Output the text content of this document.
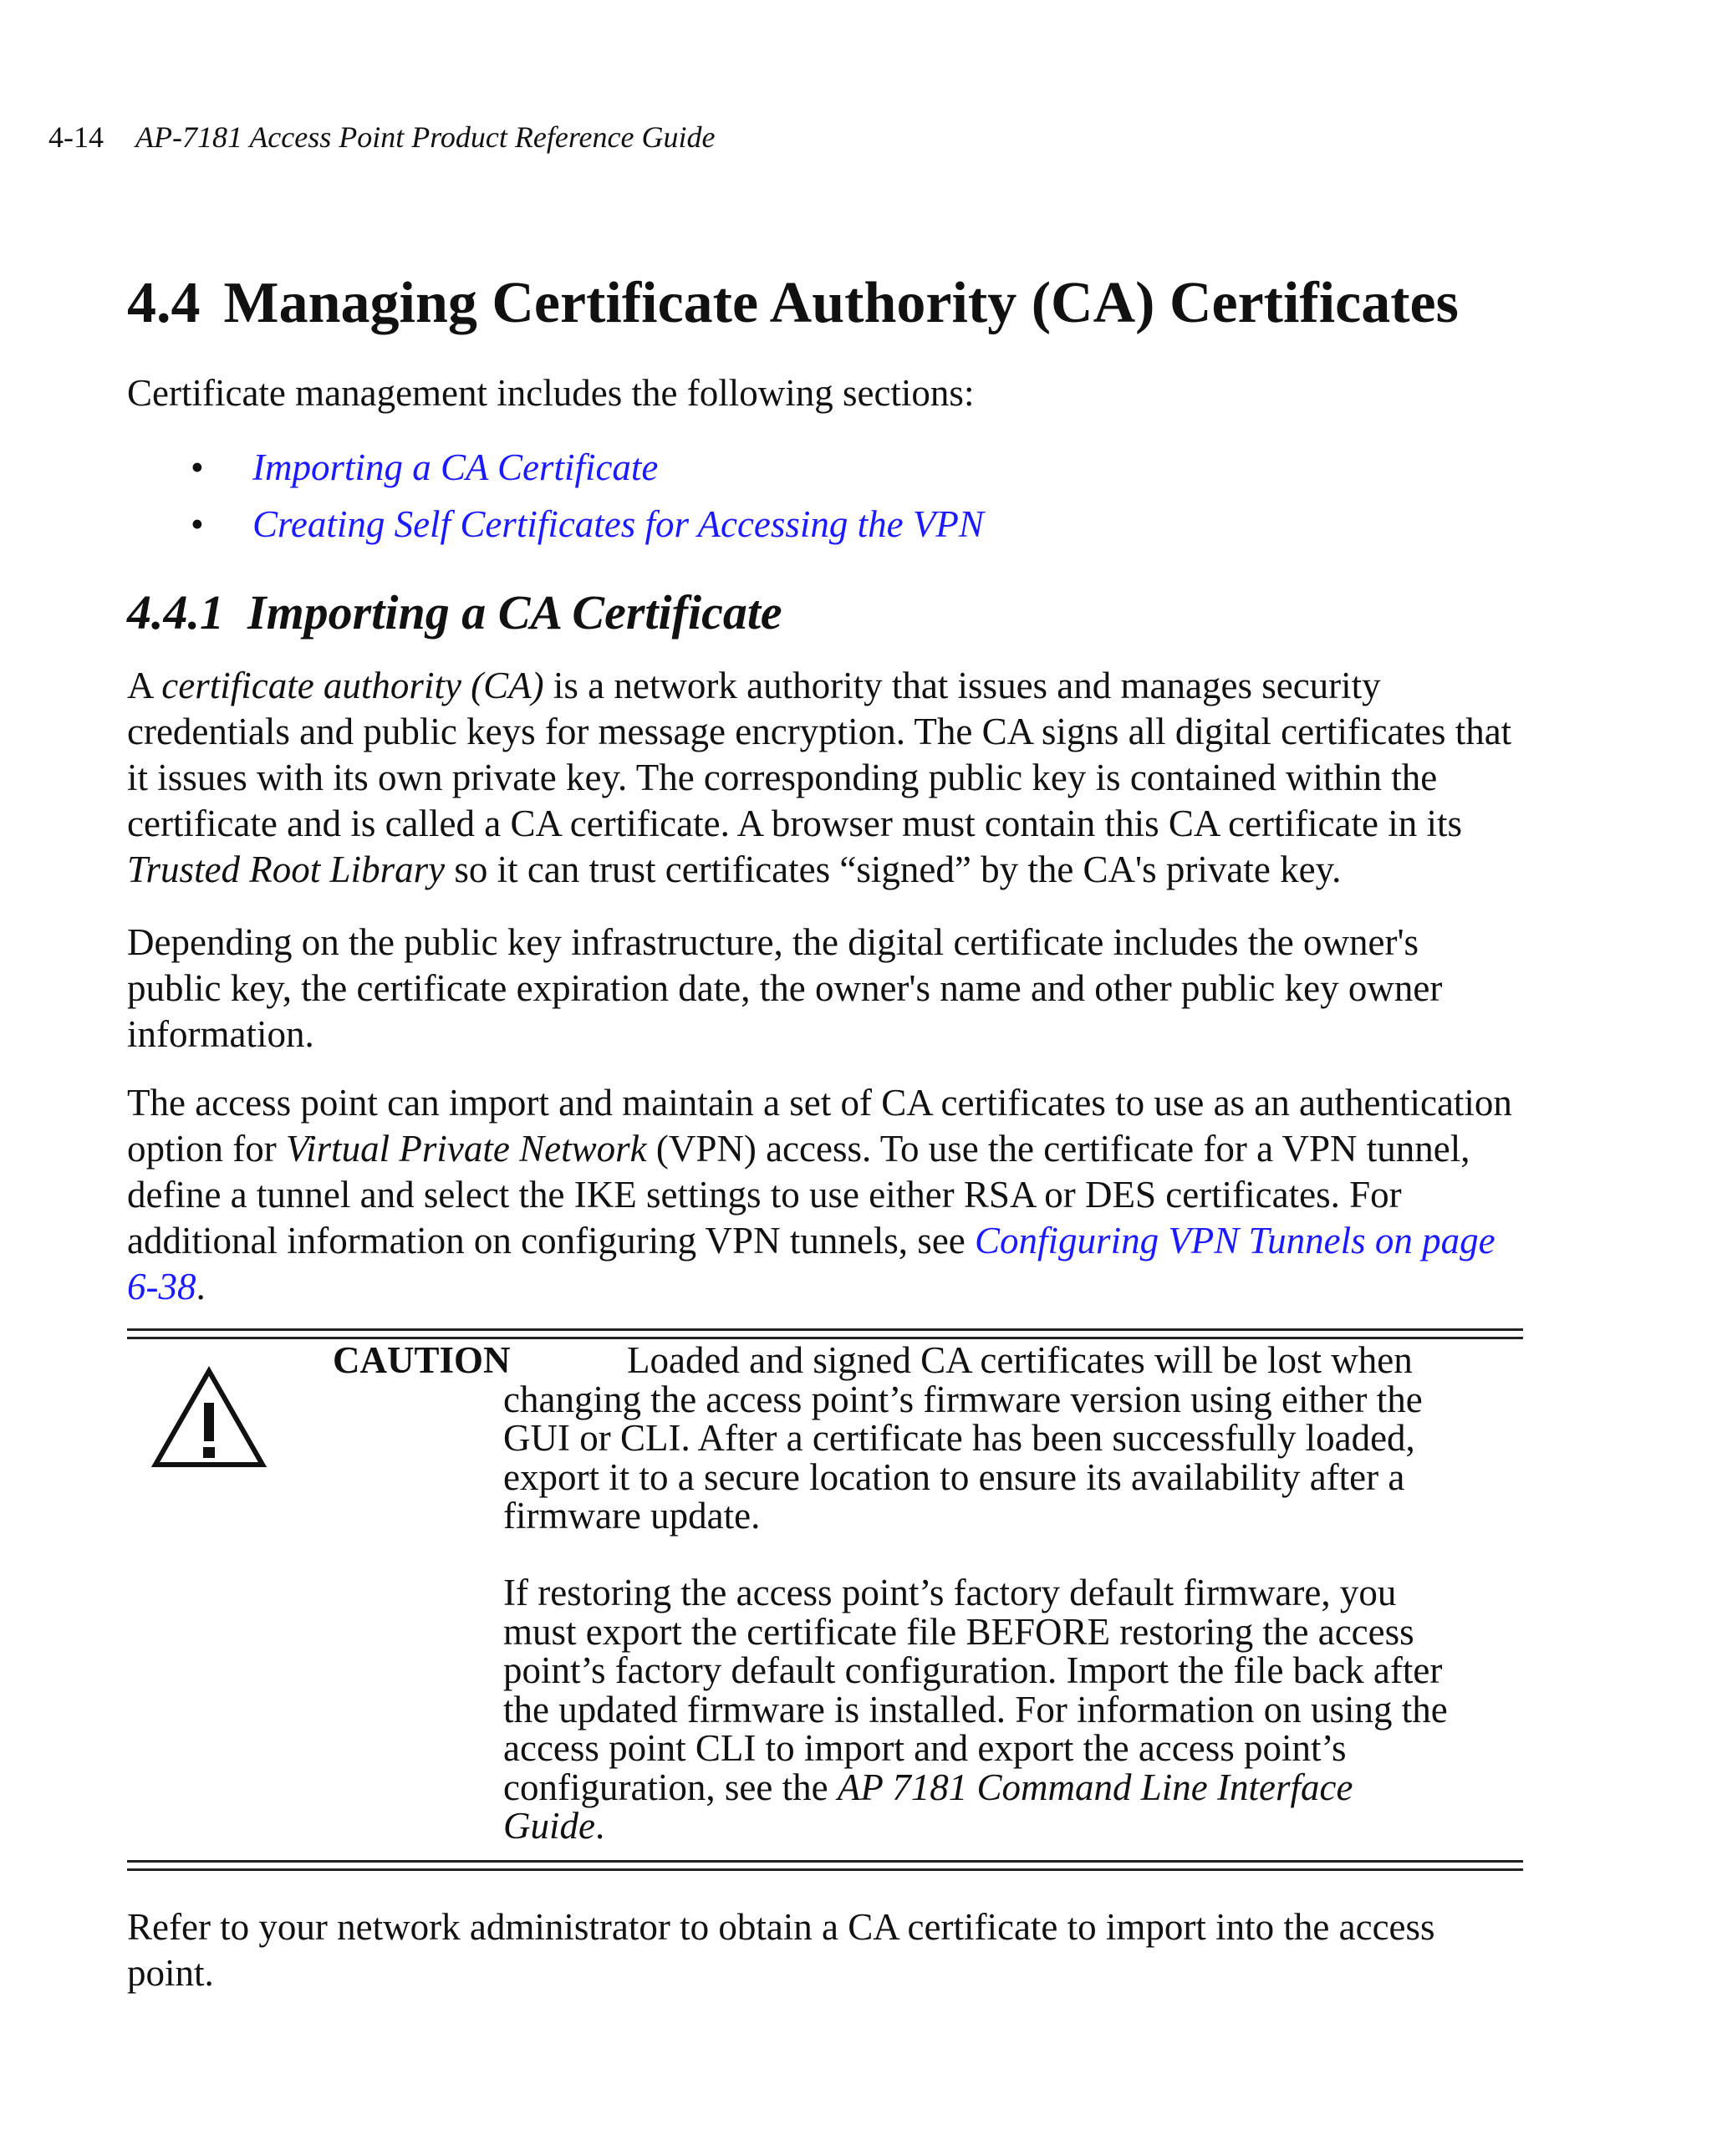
4-14 AP-7181 Access Point Product Reference Guide
4.4 Managing Certificate Authority (CA) Certificates

Certificate management includes the following sections:

• Importing a CA Certificate
• Creating Self Certificates for Accessing the VPN
4.4.1 Importing a CA Certificate

A certificate authority (CA) is a network authority that issues and manages security credentials and public keys for message encryption. The CA signs all digital certificates that it issues with its own private key. The corresponding public key is contained within the certificate and is called a CA certificate. A browser must contain this CA certificate in its Trusted Root Library so it can trust certificates “signed” by the CA's private key.

Depending on the public key infrastructure, the digital certificate includes the owner's public key, the certificate expiration date, the owner's name and other public key owner information.

The access point can import and maintain a set of CA certificates to use as an authentication option for Virtual Private Network (VPN) access. To use the certificate for a VPN tunnel, define a tunnel and select the IKE settings to use either RSA or DES certificates. For additional information on configuring VPN tunnels, see Configuring VPN Tunnels on page 6-38.

CAUTION	Loaded and signed CA certificates will be lost when changing the access point’s firmware version using either the GUI or CLI. After a certificate has been successfully loaded, export it to a secure location to ensure its availability after a firmware update.

If restoring the access point’s factory default firmware, you must export the certificate file BEFORE restoring the access point’s factory default configuration. Import the file back after the updated firmware is installed. For information on using the access point CLI to import and export the access point’s configuration, see the AP 7181 Command Line Interface Guide.

Refer to your network administrator to obtain a CA certificate to import into the access point.
